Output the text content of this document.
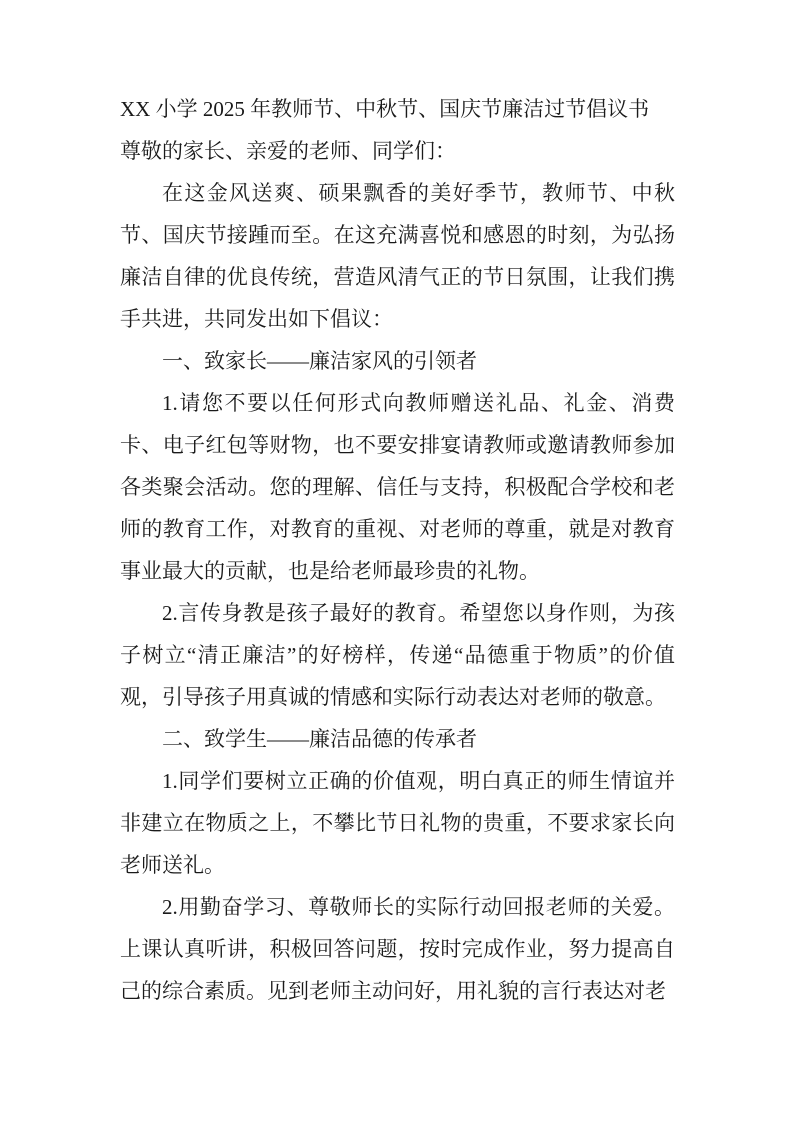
XX 小学 2025 年教师节、中秋节、国庆节廉洁过节倡议书

尊敬的家长、亲爱的老师、同学们：

在这金风送爽、硕果飘香的美好季节，教师节、中秋节、国庆节接踵而至。在这充满喜悦和感恩的时刻，为弘扬廉洁自律的优良传统，营造风清气正的节日氛围，让我们携手共进，共同发出如下倡议：

一、致家长——廉洁家风的引领者

1.请您不要以任何形式向教师赠送礼品、礼金、消费卡、电子红包等财物，也不要安排宴请教师或邀请教师参加各类聚会活动。您的理解、信任与支持，积极配合学校和老师的教育工作，对教育的重视、对老师的尊重，就是对教育事业最大的贡献，也是给老师最珍贵的礼物。

2.言传身教是孩子最好的教育。希望您以身作则，为孩子树立“清正廉洁”的好榜样，传递“品德重于物质”的价值观，引导孩子用真诚的情感和实际行动表达对老师的敬意。

二、致学生——廉洁品德的传承者

1.同学们要树立正确的价值观，明白真正的师生情谊并非建立在物质之上，不攀比节日礼物的贵重，不要求家长向老师送礼。

2.用勤奋学习、尊敬师长的实际行动回报老师的关爱。上课认真听讲，积极回答问题，按时完成作业，努力提高自己的综合素质。见到老师主动问好，用礼貌的言行表达对老
